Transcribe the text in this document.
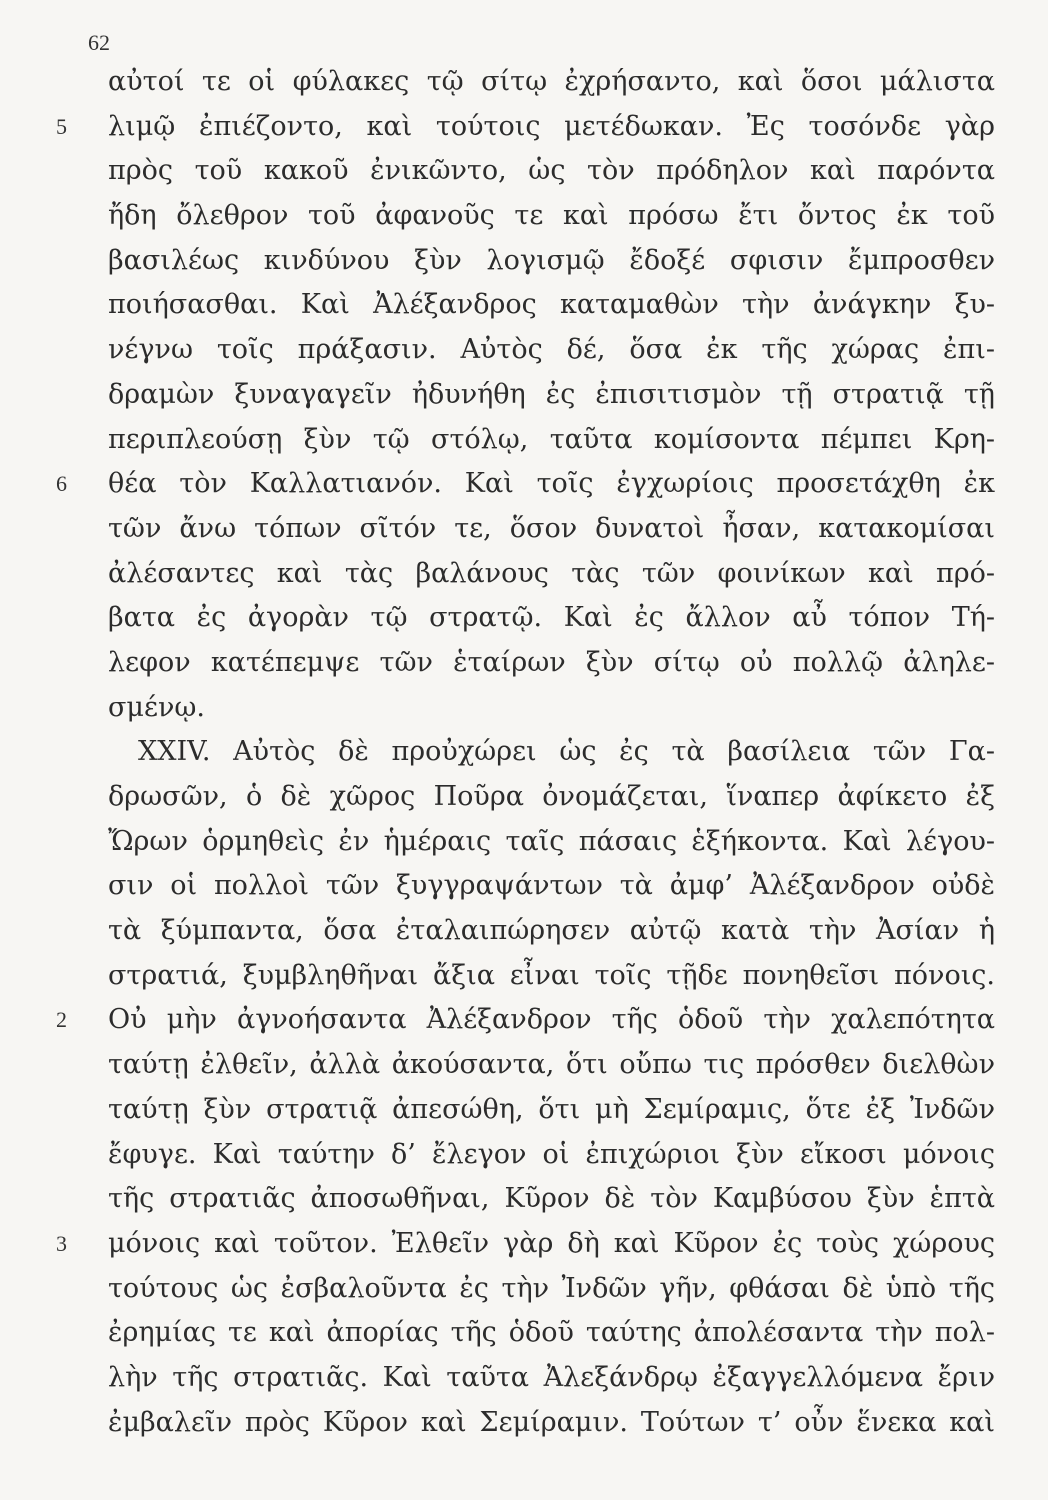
62
αὐτοί τε οἱ φύλακες τῷ σίτῳ ἐχρήσαντο, καὶ ὅσοι μάλιστα
5 λιμῷ ἐπιέζοντο, καὶ τούτοις μετέδωκαν. Ἐς τοσόνδε γὰρ
πρὸς τοῦ κακοῦ ἐνικῶντο, ὡς τὸν πρόδηλον καὶ παρόντα
ἤδη ὄλεθρον τοῦ ἀφανοῦς τε καὶ πρόσω ἔτι ὄντος ἐκ τοῦ
βασιλέως κινδύνου ξὺν λογισμῷ ἔδοξέ σφισιν ἔμπροσθεν
ποιήσασθαι. Καὶ Ἀλέξανδρος καταμαθὼν τὴν ἀνάγκην ξυ-
νέγνω τοῖς πράξασιν. Αὐτὸς δέ, ὅσα ἐκ τῆς χώρας ἐπι-
δραμὼν ξυναγαγεῖν ἠδυνήθη ἐς ἐπισιτισμὸν τῇ στρατιᾷ τῇ
περιπλεούσῃ ξὺν τῷ στόλῳ, ταῦτα κομίσοντα πέμπει Κρη-
6 θέα τὸν Καλλατιανόν. Καὶ τοῖς ἐγχωρίοις προσετάχθη ἐκ
τῶν ἄνω τόπων σῖτόν τε, ὅσον δυνατοὶ ἦσαν, κατακομίσαι
ἀλέσαντες καὶ τὰς βαλάνους τὰς τῶν φοινίκων καὶ πρό-
βατα ἐς ἀγορὰν τῷ στρατῷ. Καὶ ἐς ἄλλον αὖ τόπον Τή-
λεφον κατέπεμψε τῶν ἑταίρων ξὺν σίτῳ οὐ πολλῷ ἀληλε-
σμένῳ.
XXIV. Αὐτὸς δὲ προὐχώρει ὡς ἐς τὰ βασίλεια τῶν Γα-
δρωσῶν, ὁ δὲ χῶρος Ποῦρα ὀνομάζεται, ἵναπερ ἀφίκετο ἐξ
Ὤρων ὁρμηθεὶς ἐν ἡμέραις ταῖς πάσαις ἑξήκοντα. Καὶ λέγου-
σιν οἱ πολλοὶ τῶν ξυγγραψάντων τὰ ἀμφ’ Ἀλέξανδρον οὐδὲ
τὰ ξύμπαντα, ὅσα ἐταλαιπώρησεν αὐτῷ κατὰ τὴν Ἀσίαν ἡ
στρατιά, ξυμβληθῆναι ἄξια εἶναι τοῖς τῇδε πονηθεῖσι πόνοις.
2 Οὐ μὴν ἀγνοήσαντα Ἀλέξανδρον τῆς ὁδοῦ τὴν χαλεπότητα
ταύτῃ ἐλθεῖν, ἀλλὰ ἀκούσαντα, ὅτι οὔπω τις πρόσθεν διελθὼν
ταύτῃ ξὺν στρατιᾷ ἀπεσώθη, ὅτι μὴ Σεμίραμις, ὅτε ἐξ Ἰνδῶν
ἔφυγε. Καὶ ταύτην δ’ ἔλεγον οἱ ἐπιχώριοι ξὺν εἴκοσι μόνοις
τῆς στρατιᾶς ἀποσωθῆναι, Κῦρον δὲ τὸν Καμβύσου ξὺν ἑπτὰ
3 μόνοις καὶ τοῦτον. Ἐλθεῖν γὰρ δὴ καὶ Κῦρον ἐς τοὺς χώρους
τούτους ὡς ἐσβαλοῦντα ἐς τὴν Ἰνδῶν γῆν, φθάσαι δὲ ὑπὸ τῆς
ἐρημίας τε καὶ ἀπορίας τῆς ὁδοῦ ταύτης ἀπολέσαντα τὴν πολ-
λὴν τῆς στρατιᾶς. Καὶ ταῦτα Ἀλεξάνδρῳ ἐξαγγελλόμενα ἔριν
ἐμβαλεῖν πρὸς Κῦρον καὶ Σεμίραμιν. Τούτων τ’ οὖν ἕνεκα καὶ
